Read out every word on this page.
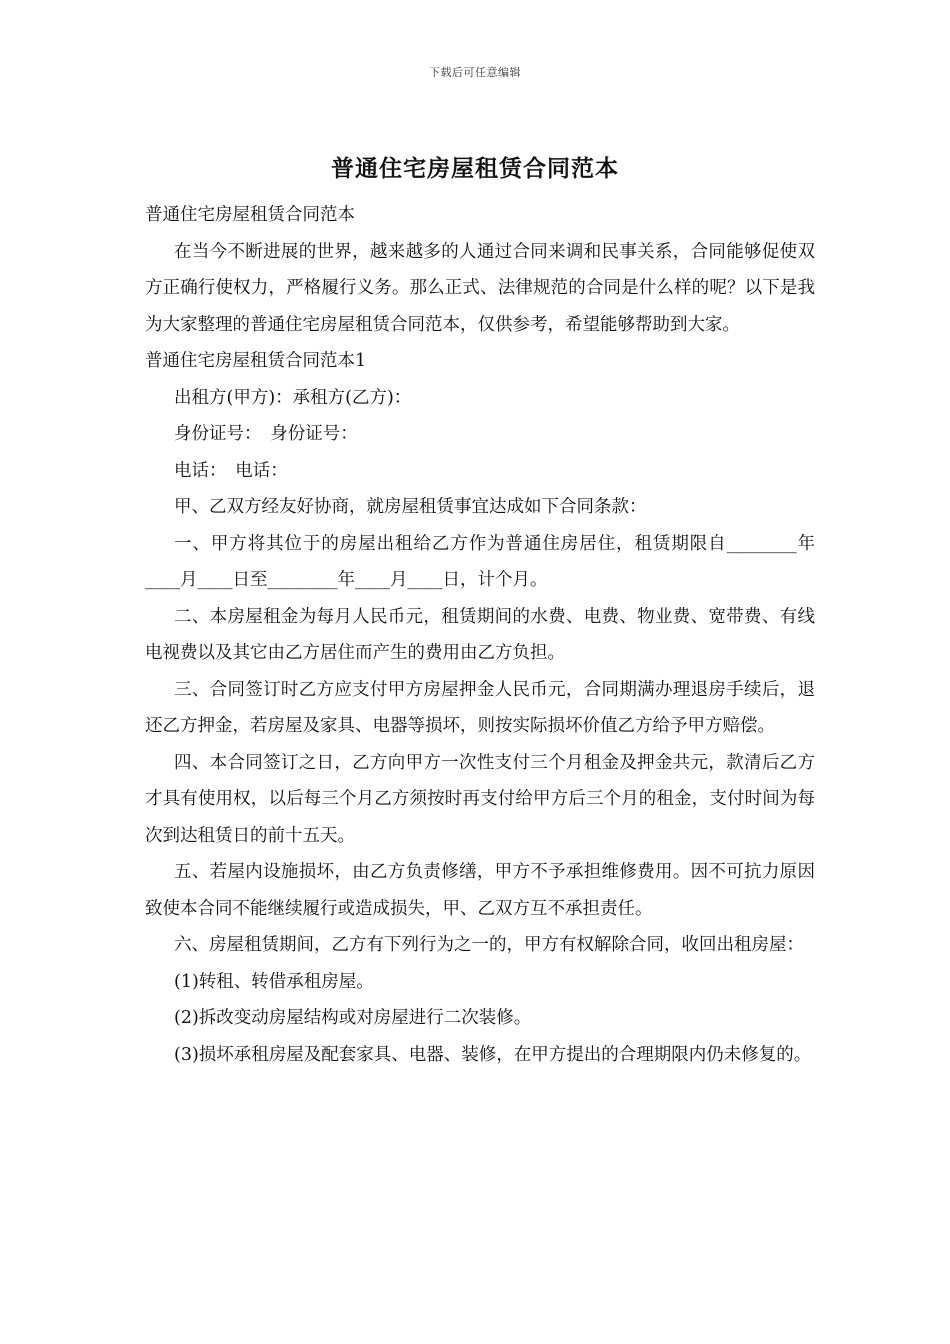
下载后可任意编辑
普通住宅房屋租赁合同范本

普通住宅房屋租赁合同范本

在当今不断进展的世界，越来越多的人通过合同来调和民事关系，合同能够促使双方正确行使权力，严格履行义务。那么正式、法律规范的合同是什么样的呢？以下是我为大家整理的普通住宅房屋租赁合同范本，仅供参考，希望能够帮助到大家。

普通住宅房屋租赁合同范本1

出租方(甲方)：承租方(乙方)：

身份证号：　身份证号：

电话：　电话：

甲、乙双方经友好协商，就房屋租赁事宜达成如下合同条款：

一、甲方将其位于的房屋出租给乙方作为普通住房居住，租赁期限自________年____月____日至________年____月____日，计个月。

二、本房屋租金为每月人民币元，租赁期间的水费、电费、物业费、宽带费、有线电视费以及其它由乙方居住而产生的费用由乙方负担。

三、合同签订时乙方应支付甲方房屋押金人民币元，合同期满办理退房手续后，退还乙方押金，若房屋及家具、电器等损坏，则按实际损坏价值乙方给予甲方赔偿。

四、本合同签订之日，乙方向甲方一次性支付三个月租金及押金共元，款清后乙方才具有使用权，以后每三个月乙方须按时再支付给甲方后三个月的租金，支付时间为每次到达租赁日的前十五天。

五、若屋内设施损坏，由乙方负责修缮，甲方不予承担维修费用。因不可抗力原因致使本合同不能继续履行或造成损失，甲、乙双方互不承担责任。

六、房屋租赁期间，乙方有下列行为之一的，甲方有权解除合同，收回出租房屋：

(1)转租、转借承租房屋。

(2)拆改变动房屋结构或对房屋进行二次装修。

(3)损坏承租房屋及配套家具、电器、装修，在甲方提出的合理期限内仍未修复的。
